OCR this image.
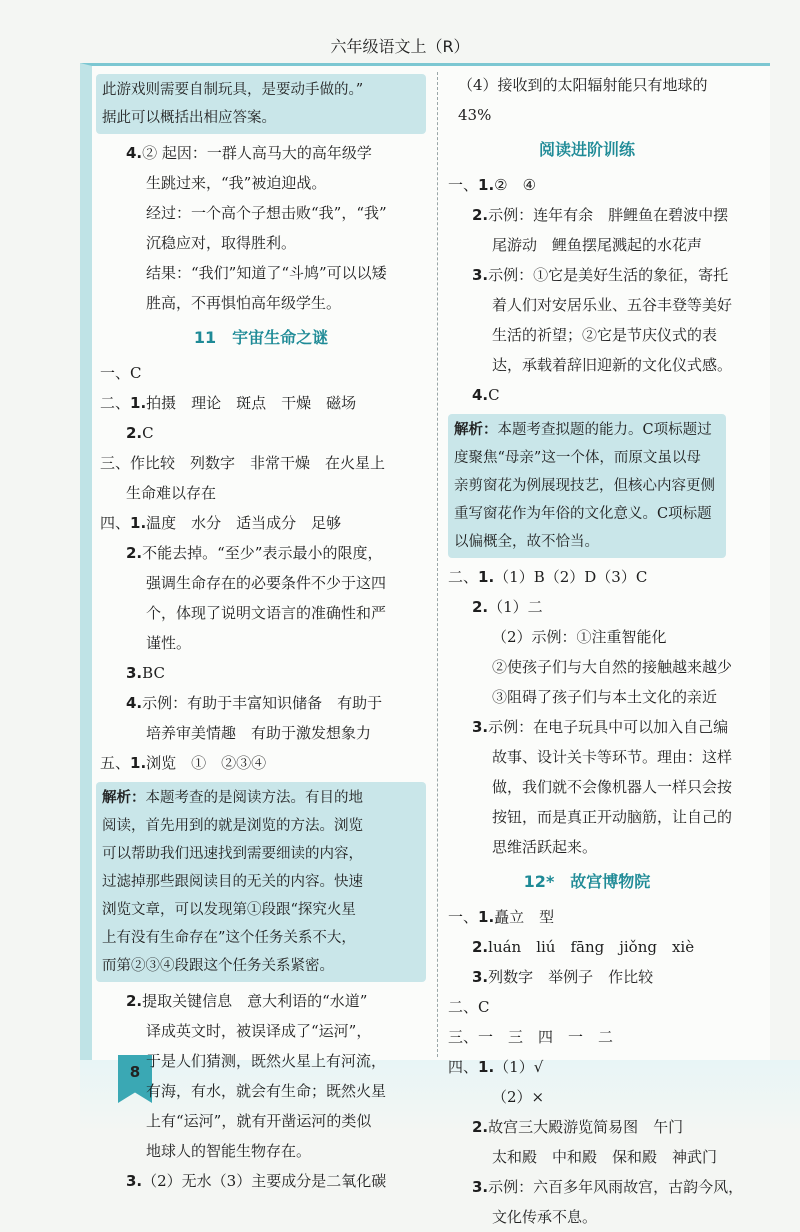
六年级语文上（R）
8
此游戏则需要自制玩具，是要动手做的。”
据此可以概括出相应答案。
4.② 起因：一群人高马大的高年级学
生跳过来，“我”被迫迎战。
经过：一个高个子想击败“我”，“我”
沉稳应对，取得胜利。
结果：“我们”知道了“斗鸠”可以以矮
胜高，不再惧怕高年级学生。
11　宇宙生命之谜
一、C
二、1.拍摄　理论　斑点　干燥　磁场
2.C
三、作比较　列数字　非常干燥　在火星上
生命难以存在
四、1.温度　水分　适当成分　足够
2.不能去掉。“至少”表示最小的限度，
强调生命存在的必要条件不少于这四
个，体现了说明文语言的准确性和严
谨性。
3.BC
4.示例：有助于丰富知识储备　有助于
培养审美情趣　有助于激发想象力
五、1.浏览　①　②③④
解析：本题考查的是阅读方法。有目的地
阅读，首先用到的就是浏览的方法。浏览
可以帮助我们迅速找到需要细读的内容，
过滤掉那些跟阅读目的无关的内容。快速
浏览文章，可以发现第①段跟“探究火星
上有没有生命存在”这个任务关系不大，
而第②③④段跟这个任务关系紧密。
2.提取关键信息　意大利语的“水道”
译成英文时，被误译成了“运河”，
于是人们猜测，既然火星上有河流，
有海，有水，就会有生命；既然火星
上有“运河”，就有开凿运河的类似
地球人的智能生物存在。
3.（2）无水（3）主要成分是二氧化碳
（4）接收到的太阳辐射能只有地球的
43%
阅读进阶训练
一、1.②　④
2.示例：连年有余　胖鲤鱼在碧波中摆
尾游动　鲤鱼摆尾溅起的水花声
3.示例：①它是美好生活的象征，寄托
着人们对安居乐业、五谷丰登等美好
生活的祈望；②它是节庆仪式的表
达，承载着辞旧迎新的文化仪式感。
4.C
解析：本题考查拟题的能力。C项标题过
度聚焦“母亲”这一个体，而原文虽以母
亲剪窗花为例展现技艺，但核心内容更侧
重写窗花作为年俗的文化意义。C项标题
以偏概全，故不恰当。
二、1.（1）B（2）D（3）C
2.（1）二
（2）示例：①注重智能化
②使孩子们与大自然的接触越来越少
③阻碍了孩子们与本土文化的亲近
3.示例：在电子玩具中可以加入自己编
故事、设计关卡等环节。理由：这样
做，我们就不会像机器人一样只会按
按钮，而是真正开动脑筋，让自己的
思维活跃起来。
12*　故宫博物院
一、1.矗立　型
2.luán　liú　fāng　jiǒng　xiè
3.列数字　举例子　作比较
二、C
三、一　三　四　一　二
四、1.（1）√
（2）×
2.故宫三大殿游览简易图　午门
太和殿　中和殿　保和殿　神武门
3.示例：六百多年风雨故宫，古韵今风，
文化传承不息。
